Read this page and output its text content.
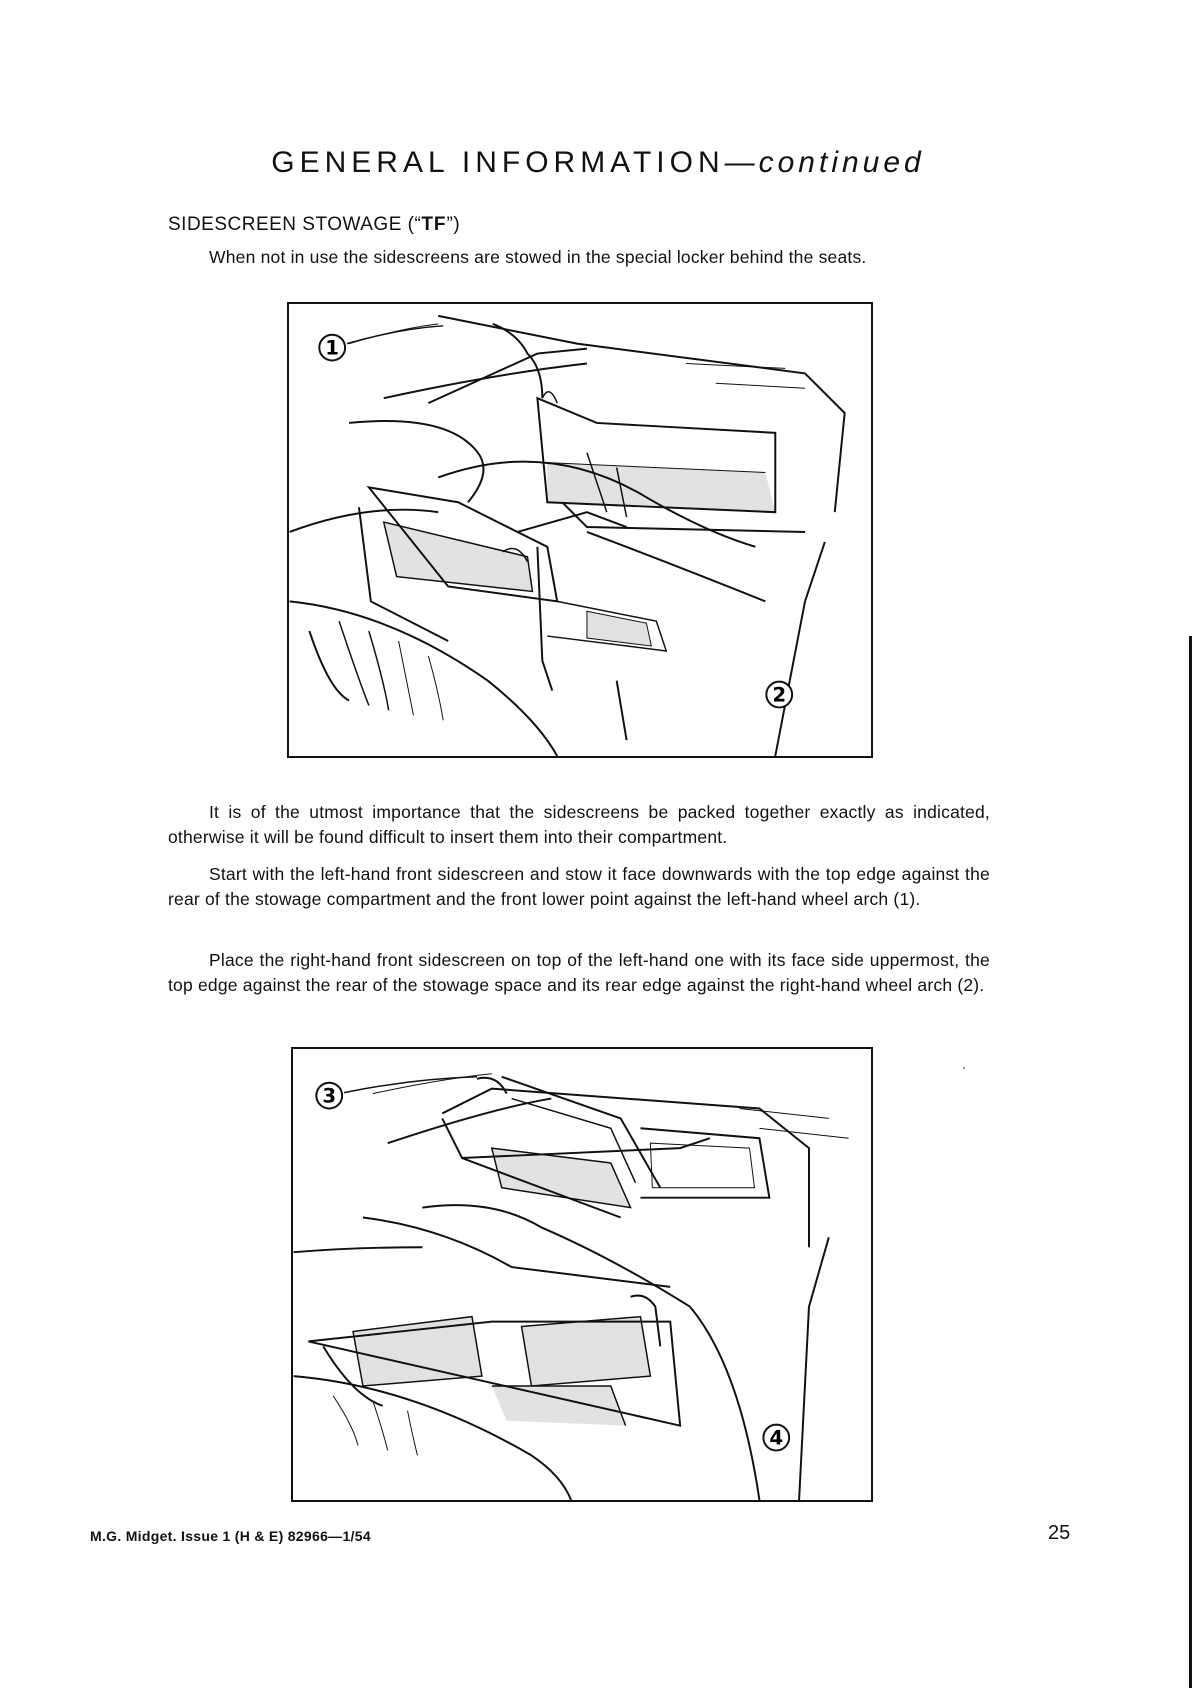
GENERAL INFORMATION—continued
SIDESCREEN STOWAGE (“TF”)
When not in use the sidescreens are stowed in the special locker behind the seats.
1
2
It is of the utmost importance that the sidescreens be packed together exactly as indicated, otherwise it will be found difficult to insert them into their compartment.
Start with the left-hand front sidescreen and stow it face downwards with the top edge against the rear of the stowage compartment and the front lower point against the left-hand wheel arch (1).
Place the right-hand front sidescreen on top of the left-hand one with its face side uppermost, the top edge against the rear of the stowage space and its rear edge against the right-hand wheel arch (2).
3
4
M.G. Midget. Issue 1 (H & E) 82966—1/54	25
